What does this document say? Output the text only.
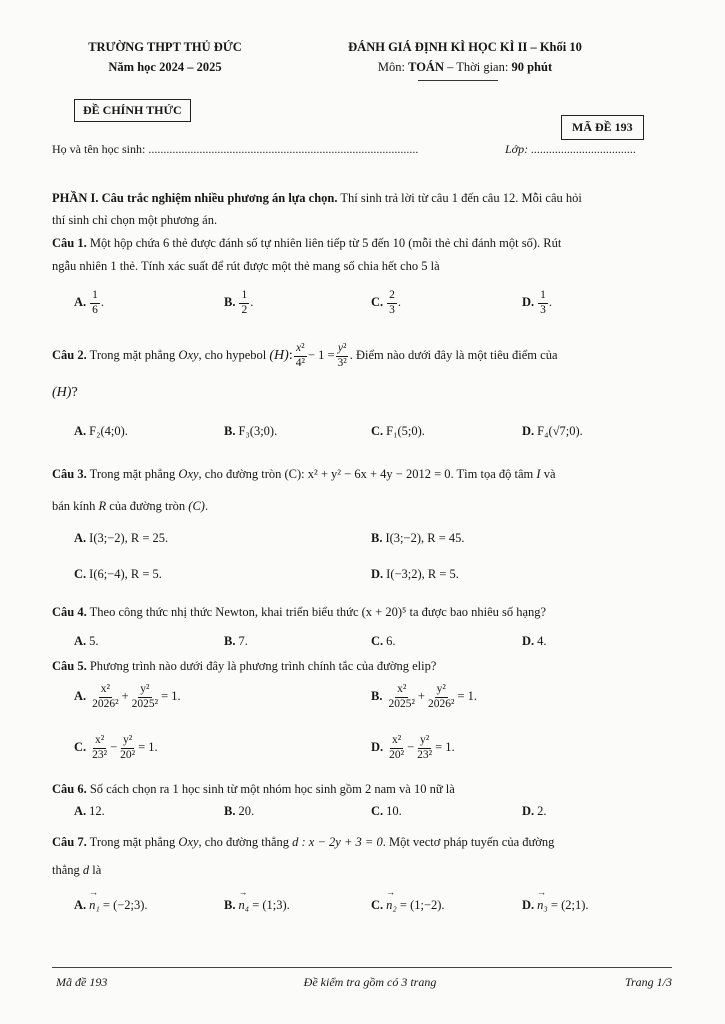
TRƯỜNG THPT THỦ ĐỨC
Năm học 2024 – 2025
ĐÁNH GIÁ ĐỊNH KÌ HỌC KÌ II – Khối 10
Môn: TOÁN – Thời gian: 90 phút
ĐỀ CHÍNH THỨC
MÃ ĐỀ 193
Họ và tên học sinh: ..........................................................................................	Lớp: ...................................
PHẦN I. Câu trắc nghiệm nhiều phương án lựa chọn. Thí sinh trả lời từ câu 1 đến câu 12. Mỗi câu hỏi
thí sinh chỉ chọn một phương án.
Câu 1. Một hộp chứa 6 thẻ được đánh số tự nhiên liên tiếp từ 5 đến 10 (mỗi thẻ chỉ đánh một số). Rút
ngẫu nhiên 1 thẻ. Tính xác suất để rút được một thẻ mang số chia hết cho 5 là
A. $\frac{1}{6}$ .	B. $\frac{1}{2}$ .	C. $\frac{2}{3}$ .	D. $\frac{1}{3}$ .
Câu 2. Trong mặt phẳng Oxy, cho hypebol (H): $\frac{\text{x²}}{\text{4²}} - 1 = \frac{\text{y²}}{\text{3²}}$ . Điểm nào dưới đây là một tiêu điểm của
(H)?
A. F₂(4;0).	B. F₃(3;0).	C. F₁(5;0).	D. F₄(√7;0).
Câu 3. Trong mặt phẳng Oxy, cho đường tròn (C): x² + y² − 6x + 4y − 2012 = 0. Tìm tọa độ tâm I và
bán kính R của đường tròn (C).
A. I(3;−2), R = 25.	B. I(3;−2), R = 45.
C. I(6;−4), R = 5.	D. I(−3;2), R = 5.
Câu 4. Theo công thức nhị thức Newton, khai triển biểu thức (x + 20)⁵ ta được bao nhiêu số hạng?
A. 5.	B. 7.	C. 6.	D. 4.
Câu 5. Phương trình nào dưới đây là phương trình chính tắc của đường elip?
A. $\frac{\text{x²}}{\text{2026²}} + \frac{\text{y²}}{\text{2025²}} = 1$.	B. $\frac{\text{x²}}{\text{2025²}} + \frac{\text{y²}}{\text{2026²}} = 1$.
C. $\frac{\text{x²}}{\text{23²}} - \frac{\text{y²}}{\text{20²}} = 1$.	D. $\frac{\text{x²}}{\text{20²}} - \frac{\text{y²}}{\text{23²}} = 1$.
Câu 6. Số cách chọn ra 1 học sinh từ một nhóm học sinh gồm 2 nam và 10 nữ là
A. 12.	B. 20.	C. 10.	D. 2.
Câu 7. Trong mặt phẳng Oxy, cho đường thẳng d : x − 2y + 3 = 0. Một vectơ pháp tuyến của đường
thẳng d là
A. → n₁ = (−2;3).	B. → n₄ = (1;3).	C. → n₂ = (1;−2).	D. → n₃ = (2;1).
Mã đề 193	Đề kiểm tra gồm có 3 trang	Trang 1/3
